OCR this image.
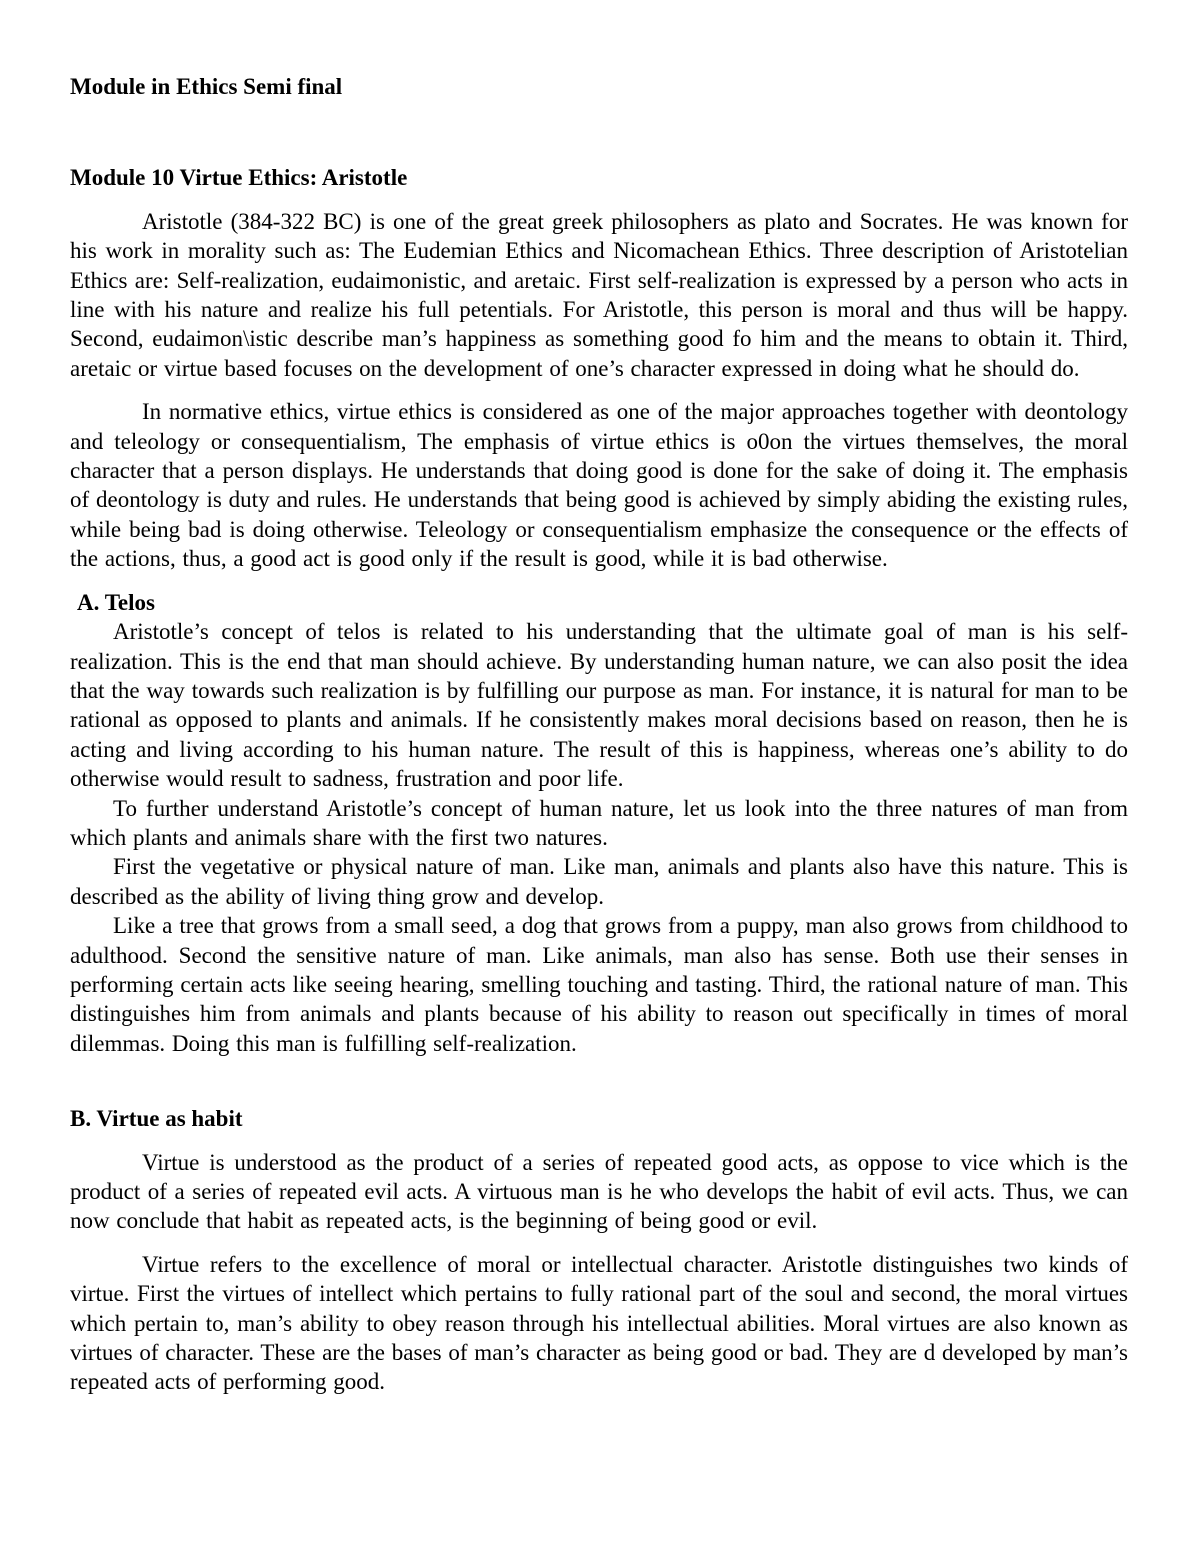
Module in Ethics Semi final
Module 10 Virtue Ethics: Aristotle

Aristotle (384-322 BC) is one of the great greek philosophers as plato and Socrates. He was known for his work in morality such as: The Eudemian Ethics and Nicomachean Ethics. Three description of Aristotelian Ethics are: Self-realization, eudaimonistic, and aretaic. First self-realization is expressed by a person who acts in line with his nature and realize his full petentials. For Aristotle, this person is moral and thus will be happy. Second, eudaimon\istic describe man’s happiness as something good fo him and the means to obtain it. Third, aretaic or virtue based focuses on the development of one’s character expressed in doing what he should do.

In normative ethics, virtue ethics is considered as one of the major approaches together with deontology and teleology or consequentialism, The emphasis of virtue ethics is o0on the virtues themselves, the moral character that a person displays. He understands that doing good is done for the sake of doing it. The emphasis of deontology is duty and rules. He understands that being good is achieved by simply abiding the existing rules, while being bad is doing otherwise. Teleology or consequentialism emphasize the consequence or the effects of the actions, thus, a good act is good only if the result is good, while it is bad otherwise.

A. Telos

Aristotle’s concept of telos is related to his understanding that the ultimate goal of man is his self-realization. This is the end that man should achieve. By understanding human nature, we can also posit the idea that the way towards such realization is by fulfilling our purpose as man. For instance, it is natural for man to be rational as opposed to plants and animals. If he consistently makes moral decisions based on reason, then he is acting and living according to his human nature. The result of this is happiness, whereas one’s ability to do otherwise would result to sadness, frustration and poor life.

To further understand Aristotle’s concept of human nature, let us look into the three natures of man from which plants and animals share with the first two natures.

First the vegetative or physical nature of man. Like man, animals and plants also have this nature. This is described as the ability of living thing grow and develop.

Like a tree that grows from a small seed, a dog that grows from a puppy, man also grows from childhood to adulthood. Second the sensitive nature of man. Like animals, man also has sense. Both use their senses in performing certain acts like seeing hearing, smelling touching and tasting. Third, the rational nature of man. This distinguishes him from animals and plants because of his ability to reason out specifically in times of moral dilemmas. Doing this man is fulfilling self-realization.

B. Virtue as habit

Virtue is understood as the product of a series of repeated good acts, as oppose to vice which is the product of a series of repeated evil acts. A virtuous man is he who develops the habit of evil acts. Thus, we can now conclude that habit as repeated acts, is the beginning of being good or evil.

Virtue refers to the excellence of moral or intellectual character. Aristotle distinguishes two kinds of virtue. First the virtues of intellect which pertains to fully rational part of the soul and second, the moral virtues which pertain to, man’s ability to obey reason through his intellectual abilities. Moral virtues are also known as virtues of character. These are the bases of man’s character as being good or bad. They are d developed by man’s repeated acts of performing good.
